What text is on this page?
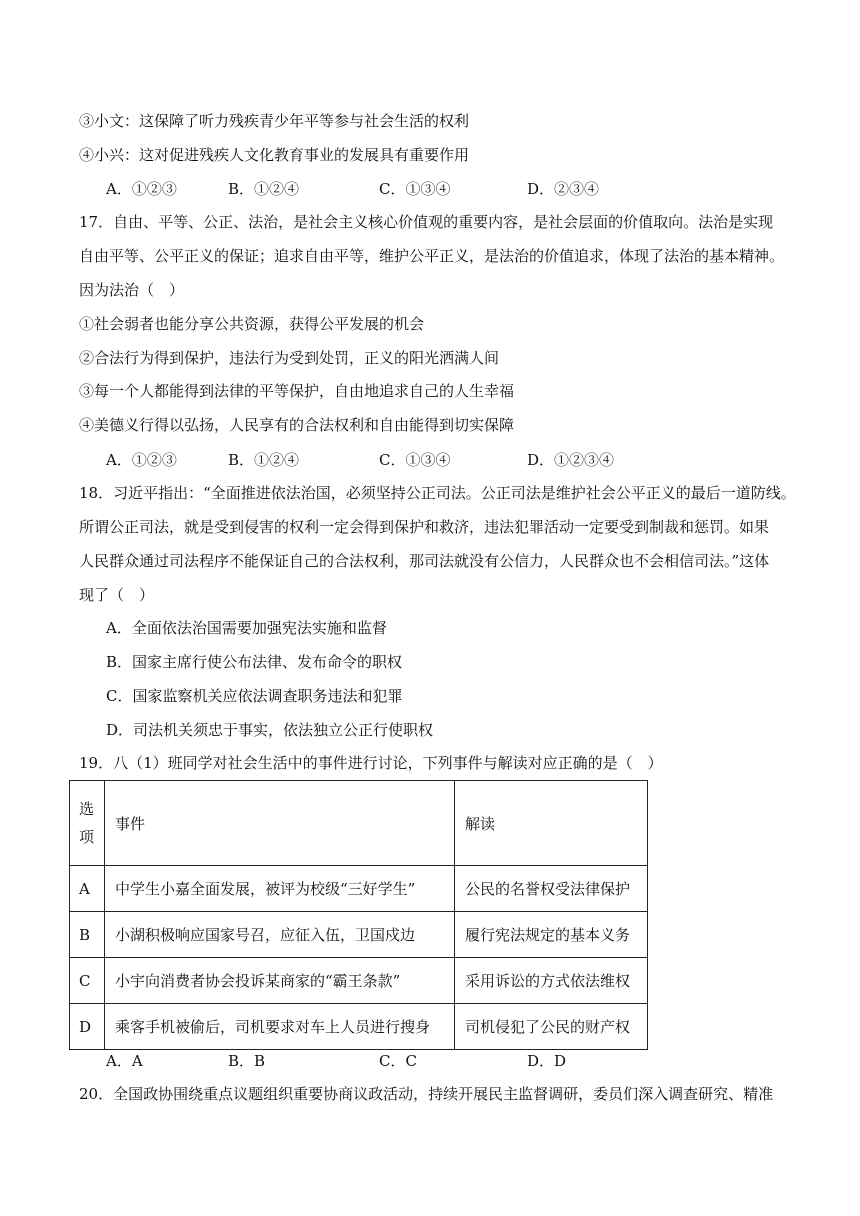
③小文：这保障了听力残疾青少年平等参与社会生活的权利
④小兴：这对促进残疾人文化教育事业的发展具有重要作用
A．①②③	B．①②④	C．①③④	D．②③④
17．自由、平等、公正、法治，是社会主义核心价值观的重要内容，是社会层面的价值取向。法治是实现
自由平等、公平正义的保证；追求自由平等，维护公平正义，是法治的价值追求，体现了法治的基本精神。
因为法治（　）
①社会弱者也能分享公共资源，获得公平发展的机会
②合法行为得到保护，违法行为受到处罚，正义的阳光洒满人间
③每一个人都能得到法律的平等保护，自由地追求自己的人生幸福
④美德义行得以弘扬，人民享有的合法权利和自由能得到切实保障
A．①②③	B．①②④	C．①③④	D．①②③④
18．习近平指出：“全面推进依法治国，必须坚持公正司法。公正司法是维护社会公平正义的最后一道防线。
所谓公正司法，就是受到侵害的权利一定会得到保护和救济，违法犯罪活动一定要受到制裁和惩罚。如果
人民群众通过司法程序不能保证自己的合法权利，那司法就没有公信力，人民群众也不会相信司法。”这体
现了（　）
A．全面依法治国需要加强宪法实施和监督
B．国家主席行使公布法律、发布命令的职权
C．国家监察机关应依法调查职务违法和犯罪
D．司法机关须忠于事实，依法独立公正行使职权
19．八（1）班同学对社会生活中的事件进行讨论，下列事件与解读对应正确的是（　）
选
项	事件	解读
A	中学生小嘉全面发展，被评为校级“三好学生”	公民的名誉权受法律保护
B	小湖积极响应国家号召，应征入伍，卫国戍边	履行宪法规定的基本义务
C	小宇向消费者协会投诉某商家的“霸王条款”	采用诉讼的方式依法维权
D	乘客手机被偷后，司机要求对车上人员进行搜身	司机侵犯了公民的财产权
A．A	B．B	C．C	D．D
20．全国政协围绕重点议题组织重要协商议政活动，持续开展民主监督调研，委员们深入调查研究、精准
